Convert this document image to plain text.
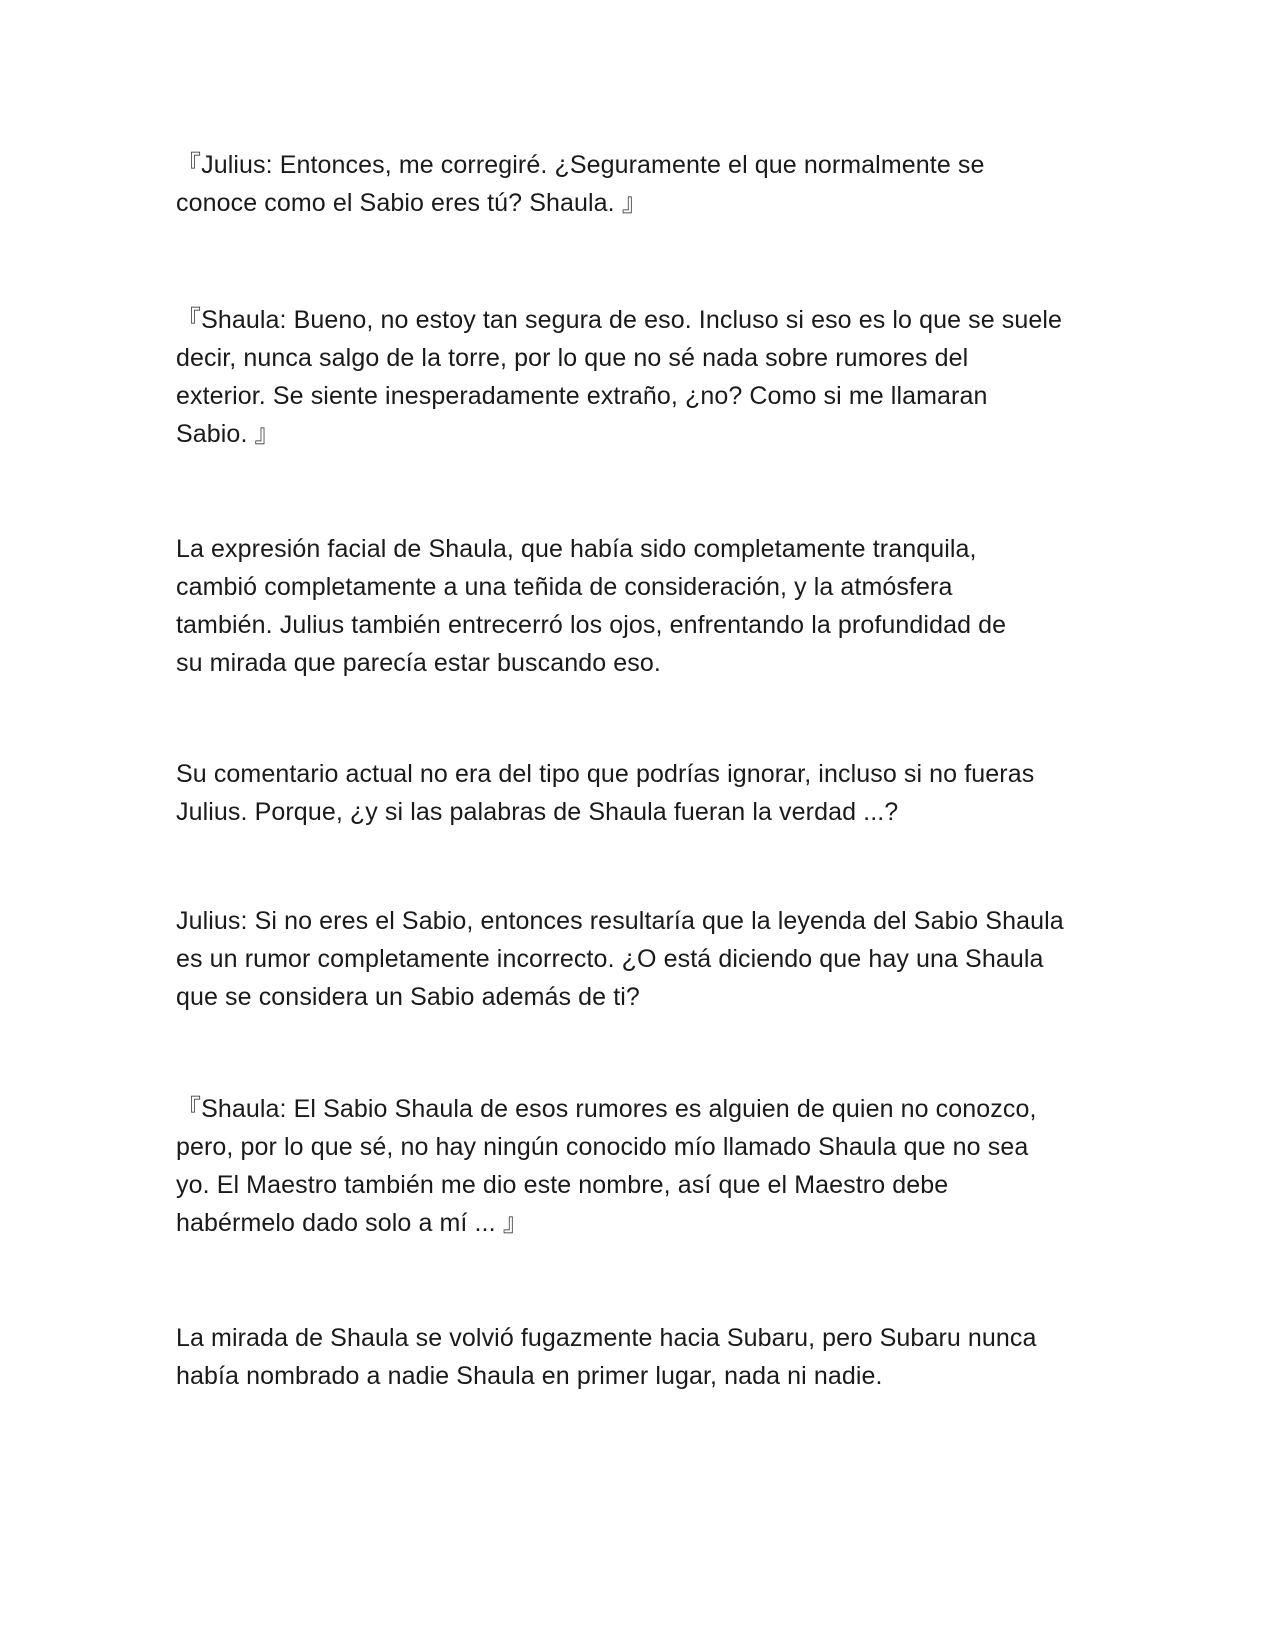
『Julius: Entonces, me corregiré. ¿Seguramente el que normalmente se
conoce como el Sabio eres tú? Shaula. 』

『Shaula: Bueno, no estoy tan segura de eso. Incluso si eso es lo que se suele
decir, nunca salgo de la torre, por lo que no sé nada sobre rumores del
exterior. Se siente inesperadamente extraño, ¿no? Como si me llamaran
Sabio. 』

La expresión facial de Shaula, que había sido completamente tranquila,
cambió completamente a una teñida de consideración, y la atmósfera
también. Julius también entrecerró los ojos, enfrentando la profundidad de
su mirada que parecía estar buscando eso.

Su comentario actual no era del tipo que podrías ignorar, incluso si no fueras
Julius. Porque, ¿y si las palabras de Shaula fueran la verdad ...?

Julius: Si no eres el Sabio, entonces resultaría que la leyenda del Sabio Shaula
es un rumor completamente incorrecto. ¿O está diciendo que hay una Shaula
que se considera un Sabio además de ti?

『Shaula: El Sabio Shaula de esos rumores es alguien de quien no conozco,
pero, por lo que sé, no hay ningún conocido mío llamado Shaula que no sea
yo. El Maestro también me dio este nombre, así que el Maestro debe
habérmelo dado solo a mí ... 』

La mirada de Shaula se volvió fugazmente hacia Subaru, pero Subaru nunca
había nombrado a nadie Shaula en primer lugar, nada ni nadie.
